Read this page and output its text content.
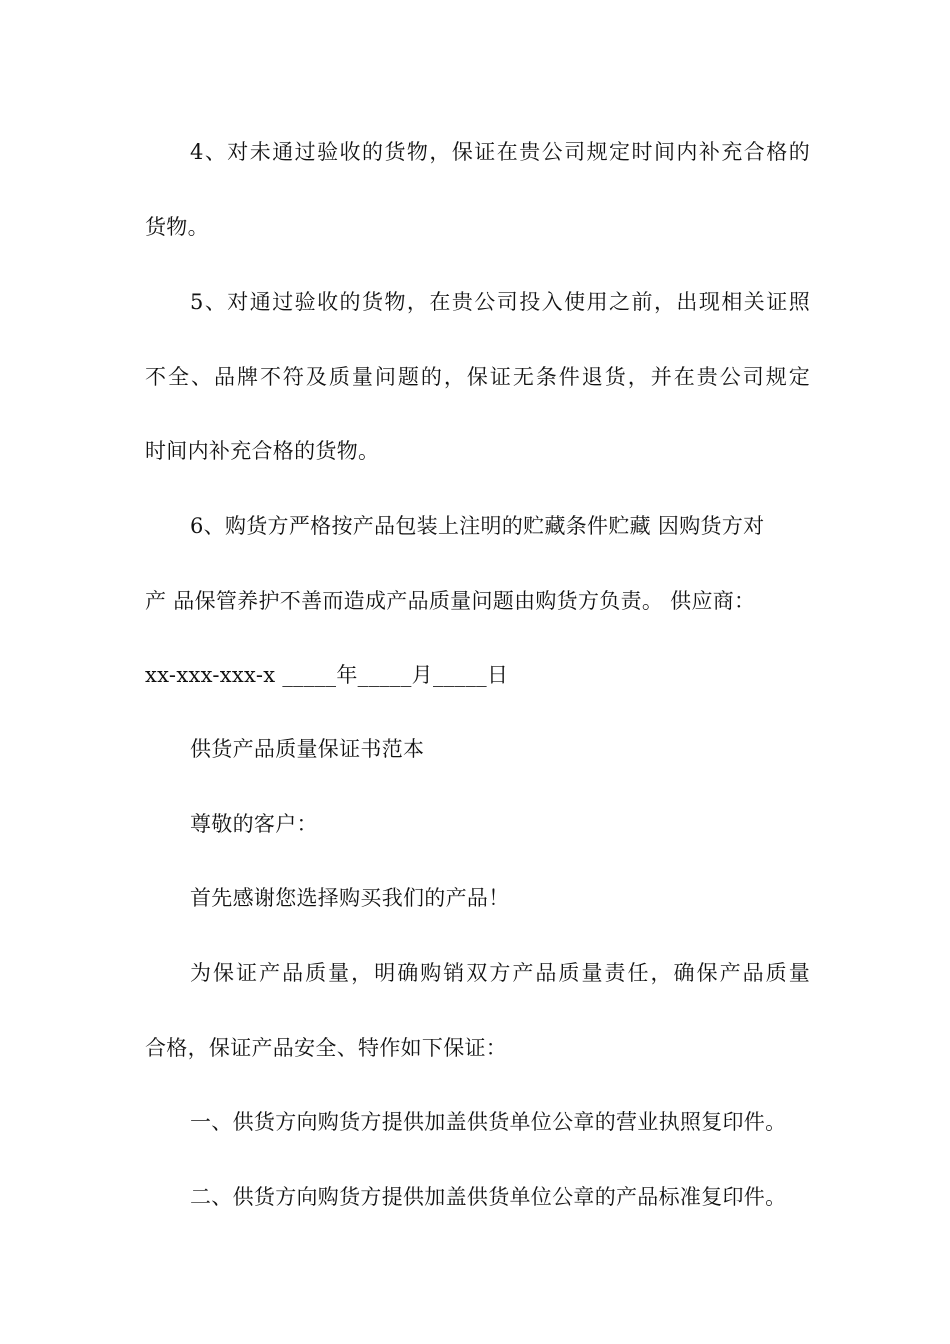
4、对未通过验收的货物，保证在贵公司规定时间内补充合格的
货物。
5、对通过验收的货物，在贵公司投入使用之前，出现相关证照
不全、品牌不符及质量问题的，保证无条件退货，并在贵公司规定
时间内补充合格的货物。
6、购货方严格按产品包装上注明的贮藏条件贮藏 因购货方对
产 品保管养护不善而造成产品质量问题由购货方负责。 供应商：
xx-xxx-xxx-x _____年_____月_____日
供货产品质量保证书范本
尊敬的客户：
首先感谢您选择购买我们的产品！
为保证产品质量，明确购销双方产品质量责任，确保产品质量
合格，保证产品安全、特作如下保证：
一、供货方向购货方提供加盖供货单位公章的营业执照复印件。
二、供货方向购货方提供加盖供货单位公章的产品标准复印件。
